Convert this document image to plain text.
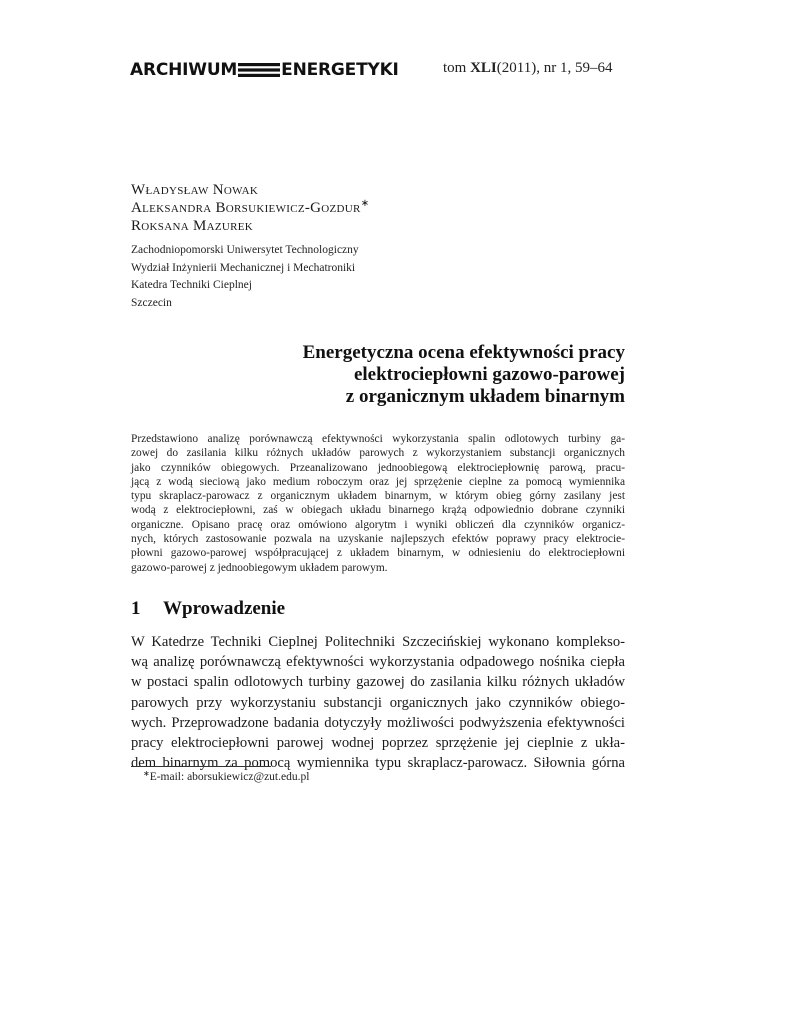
ARCHIWUM	ENERGETYKI	tom XLI(2011), nr 1, 59–64
Władysław Nowak
Aleksandra Borsukiewicz-Gozdur∗
Roksana Mazurek
Zachodniopomorski Uniwersytet Technologiczny
Wydział Inżynierii Mechanicznej i Mechatroniki
Katedra Techniki Cieplnej
Szczecin
Energetyczna ocena efektywności pracy
elektrociepłowni gazowo-parowej
z organicznym układem binarnym
Przedstawiono analizę porównawczą efektywności wykorzystania spalin odlotowych turbiny ga-
zowej do zasilania kilku różnych układów parowych z wykorzystaniem substancji organicznych
jako czynników obiegowych. Przeanalizowano jednoobiegową elektrociepłownię parową, pracu-
jącą z wodą sieciową jako medium roboczym oraz jej sprzężenie cieplne za pomocą wymiennika
typu skraplacz-parowacz z organicznym układem binarnym, w którym obieg górny zasilany jest
wodą z elektrociepłowni, zaś w obiegach układu binarnego krążą odpowiednio dobrane czynniki
organiczne. Opisano pracę oraz omówiono algorytm i wyniki obliczeń dla czynników organicz-
nych, których zastosowanie pozwala na uzyskanie najlepszych efektów poprawy pracy elektrocie-
płowni gazowo-parowej współpracującej z układem binarnym, w odniesieniu do elektrociepłowni
gazowo-parowej z jednoobiegowym układem parowym.
1 Wprowadzenie
W Katedrze Techniki Cieplnej Politechniki Szczecińskiej wykonano komplekso-
wą analizę porównawczą efektywności wykorzystania odpadowego nośnika ciepła
w postaci spalin odlotowych turbiny gazowej do zasilania kilku różnych układów
parowych przy wykorzystaniu substancji organicznych jako czynników obiego-
wych. Przeprowadzone badania dotyczyły możliwości podwyższenia efektywności
pracy elektrociepłowni parowej wodnej poprzez sprzężenie jej cieplnie z ukła-
dem binarnym za pomocą wymiennika typu skraplacz-parowacz. Siłownia górna
∗E-mail: aborsukiewicz@zut.edu.pl
